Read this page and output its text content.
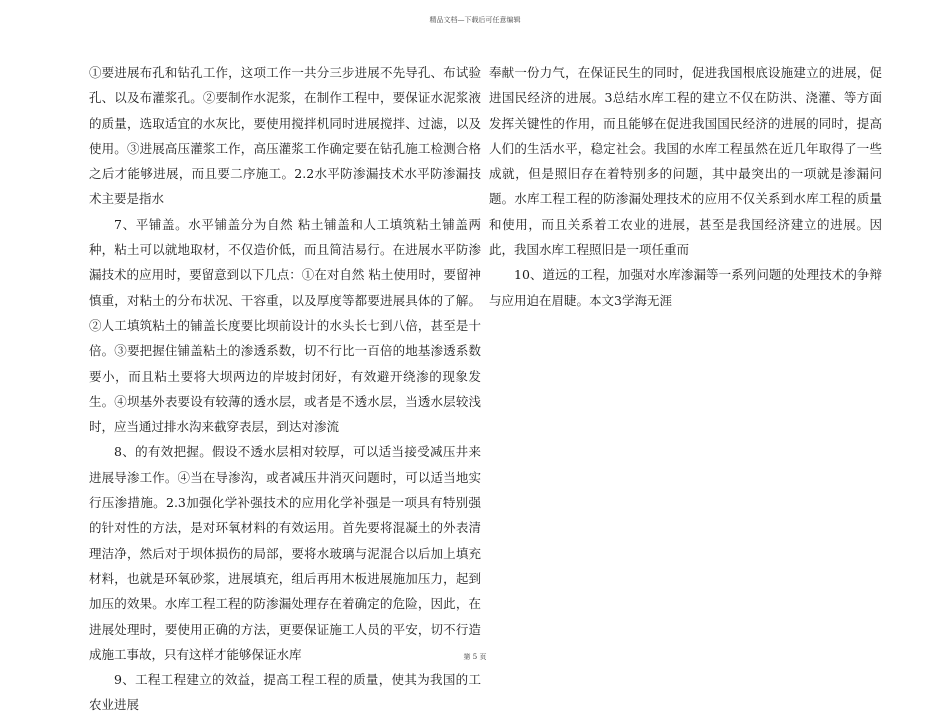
精品文档—下载后可任意编辑

①要进展布孔和钻孔工作，这项工作一共分三步进展不先导孔、布试验孔、以及布灌浆孔。②要制作水泥浆，在制作工程中，要保证水泥浆液的质量，选取适宜的水灰比，要使用搅拌机同时进展搅拌、过滤，以及使用。③进展高压灌浆工作，高压灌浆工作确定要在钻孔施工检测合格之后才能够进展，而且要二序施工。2.2水平防渗漏技术水平防渗漏技术主要是指水

7、平铺盖。水平铺盖分为自然 粘土铺盖和人工填筑粘土铺盖两种，粘土可以就地取材，不仅造价低，而且简洁易行。在进展水平防渗漏技术的应用时，要留意到以下几点：①在对自然 粘土使用时，要留神慎重，对粘土的分布状况、干容重，以及厚度等都要进展具体的了解。②人工填筑粘土的铺盖长度要比坝前设计的水头长七到八倍，甚至是十倍。③要把握住铺盖粘土的渗透系数，切不行比一百倍的地基渗透系数要小，而且粘土要将大坝两边的岸坡封闭好，有效避开绕渗的现象发生。④坝基外表要设有较薄的透水层，或者是不透水层，当透水层较浅时，应当通过排水沟来截穿表层，到达对渗流

8、的有效把握。假设不透水层相对较厚，可以适当接受减压井来进展导渗工作。④当在导渗沟，或者减压井消灭问题时，可以适当地实行压渗措施。2.3加强化学补强技术的应用化学补强是一项具有特别强的针对性的方法，是对环氧材料的有效运用。首先要将混凝土的外表清理洁净，然后对于坝体损伤的局部，要将水玻璃与泥混合以后加上填充材料，也就是环氧砂浆，进展填充，组后再用木板进展施加压力，起到加压的效果。水库工程工程的防渗漏处理存在着确定的危险，因此，在进展处理时，要使用正确的方法，更要保证施工人员的平安，切不行造成施工事故，只有这样才能够保证水库

9、工程工程建立的效益，提高工程工程的质量，使其为我国的工农业进展

奉献一份力气，在保证民生的同时，促进我国根底设施建立的进展，促进国民经济的进展。3总结水库工程的建立不仅在防洪、浇灌、等方面发挥关键性的作用，而且能够在促进我国国民经济的进展的同时，提高人们的生活水平，稳定社会。我国的水库工程虽然在近几年取得了一些成就，但是照旧存在着特别多的问题，其中最突出的一项就是渗漏问题。水库工程工程的防渗漏处理技术的应用不仅关系到水库工程的质量和使用，而且关系着工农业的进展，甚至是我国经济建立的进展。因此，我国水库工程照旧是一项任重而

10、道远的工程，加强对水库渗漏等一系列问题的处理技术的争辩与应用迫在眉睫。本文3学海无涯

第 5 页
